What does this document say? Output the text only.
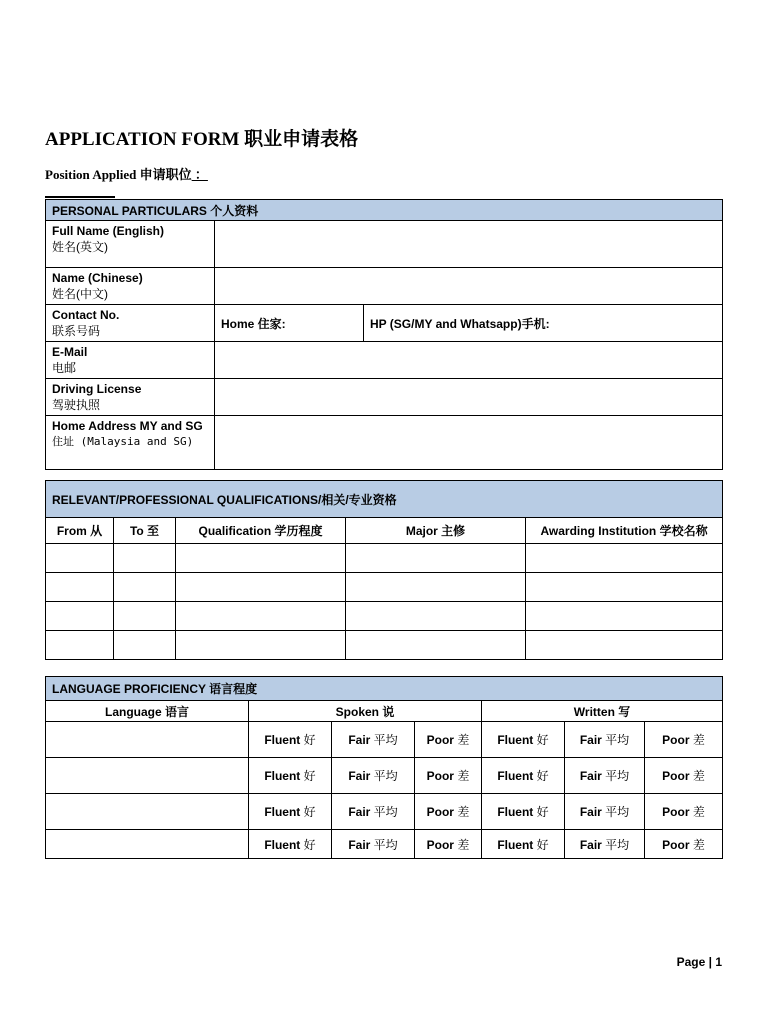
APPLICATION FORM 职业申请表格
Position Applied 申请职位 ：
PERSONAL PARTICULARS 个人资料		

Full Name (English)
姓名(英文)		

Name (Chinese)
姓名(中文)		

Contact No.
联系号码	Home 住家:	HP (SG/MY and Whatsapp)手机:

E-Mail
电邮		

Driving License
驾驶执照		

Home Address MY and SG
住址 (Malaysia and SG)		

RELEVANT/PROFESSIONAL QUALIFICATIONS/相关/专业资格				
From 从	To 至	Qualification 学历程度	Major 主修	Awarding Institution 学校名称

LANGUAGE PROFICIENCY 语言程度						
Language 语言	Spoken 说			Written 写		
	Fluent 好	Fair 平均	Poor 差	Fluent 好	Fair 平均	Poor 差
	Fluent 好	Fair 平均	Poor 差	Fluent 好	Fair 平均	Poor 差
	Fluent 好	Fair 平均	Poor 差	Fluent 好	Fair 平均	Poor 差
	Fluent 好	Fair 平均	Poor 差	Fluent 好	Fair 平均	Poor 差
Page | 1
